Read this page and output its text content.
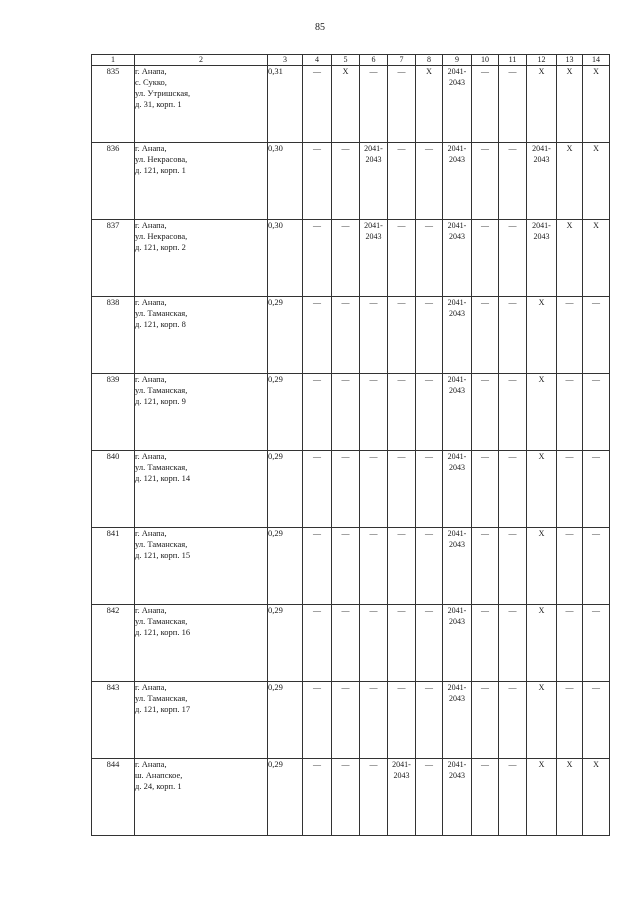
85
1	2	3	4	5	6	7	8	9	10	11	12	13	14
835	г. Анапа,
с. Сукко,
ул. Утришская,
д. 31, корп. 1	0,31	—	X	—	—	X	2041-2043	—	—	X	X	X
836	г. Анапа,
ул. Некрасова,
д. 121, корп. 1	0,30	—	—	2041-2043	—	—	2041-2043	—	—	2041-2043	X	X
837	г. Анапа,
ул. Некрасова,
д. 121, корп. 2	0,30	—	—	2041-2043	—	—	2041-2043	—	—	2041-2043	X	X
838	г. Анапа,
ул. Таманская,
д. 121, корп. 8	0,29	—	—	—	—	—	2041-2043	—	—	X	—	—
839	г. Анапа,
ул. Таманская,
д. 121, корп. 9	0,29	—	—	—	—	—	2041-2043	—	—	X	—	—
840	г. Анапа,
ул. Таманская,
д. 121, корп. 14	0,29	—	—	—	—	—	2041-2043	—	—	X	—	—
841	г. Анапа,
ул. Таманская,
д. 121, корп. 15	0,29	—	—	—	—	—	2041-2043	—	—	X	—	—
842	г. Анапа,
ул. Таманская,
д. 121, корп. 16	0,29	—	—	—	—	—	2041-2043	—	—	X	—	—
843	г. Анапа,
ул. Таманская,
д. 121, корп. 17	0,29	—	—	—	—	—	2041-2043	—	—	X	—	—
844	г. Анапа,
ш. Анапское,
д. 24, корп. 1	0,29	—	—	—	2041-2043	—	2041-2043	—	—	X	X	X
